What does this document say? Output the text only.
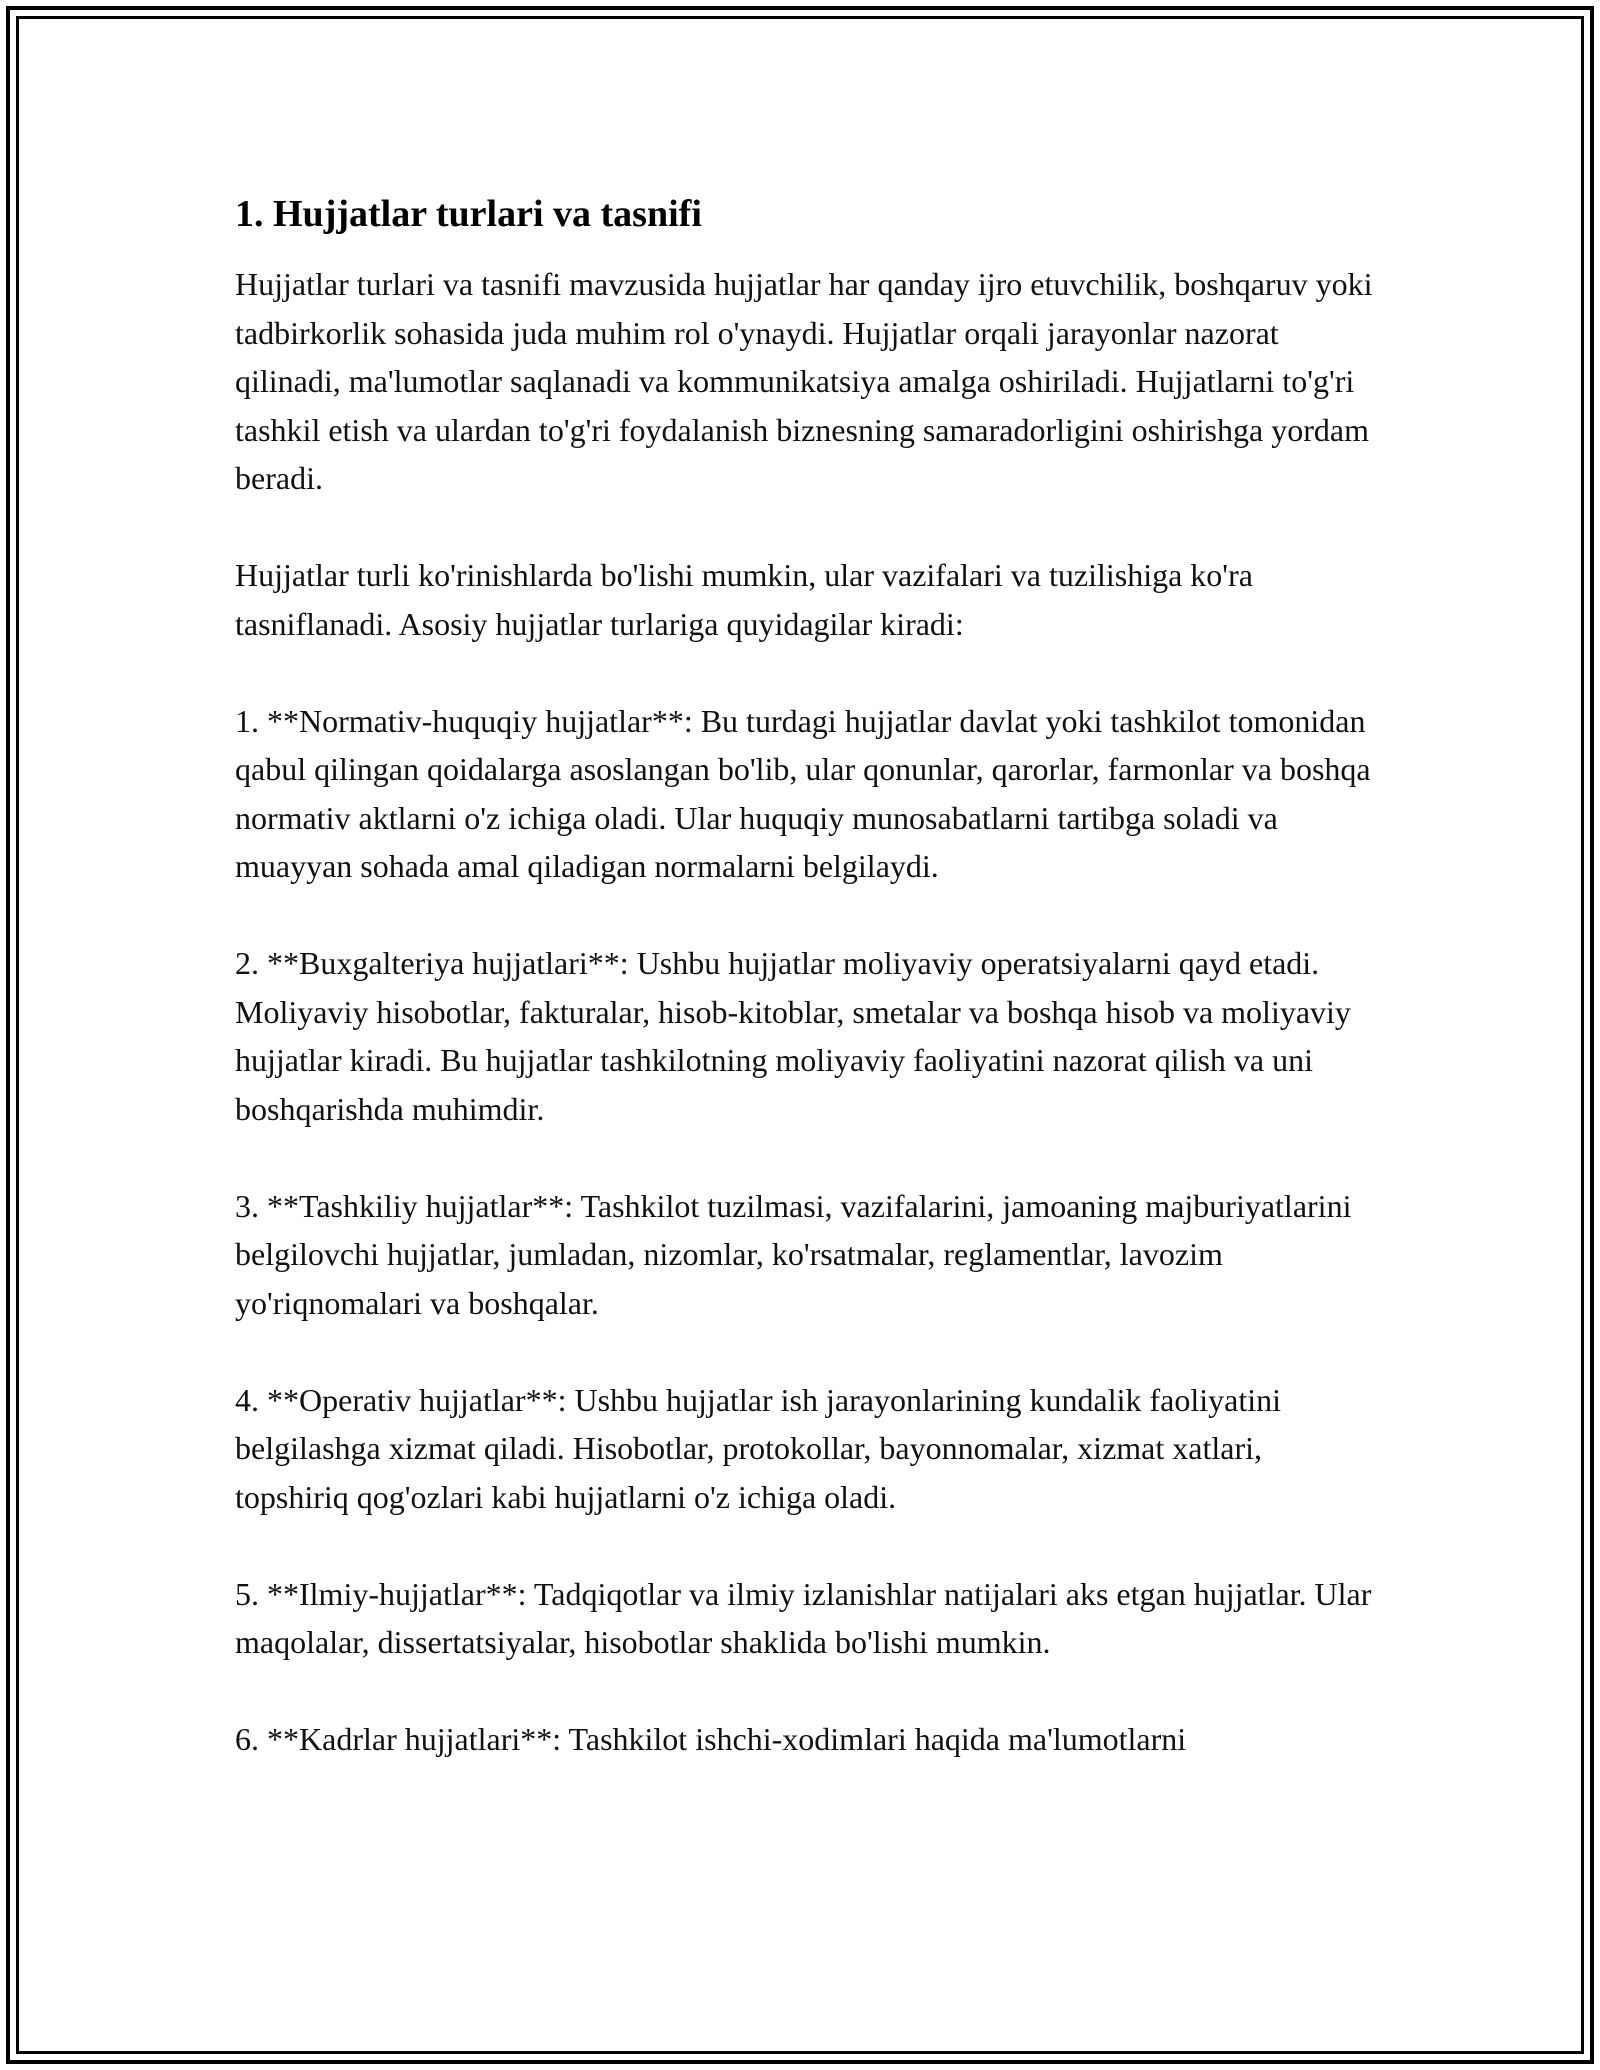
1. Hujjatlar turlari va tasnifi

Hujjatlar turlari va tasnifi mavzusida hujjatlar har qanday ijro etuvchilik, boshqaruv yoki tadbirkorlik sohasida juda muhim rol o'ynaydi. Hujjatlar orqali jarayonlar nazorat qilinadi, ma'lumotlar saqlanadi va kommunikatsiya amalga oshiriladi. Hujjatlarni to'g'ri tashkil etish va ulardan to'g'ri foydalanish biznesning samaradorligini oshirishga yordam beradi.

Hujjatlar turli ko'rinishlarda bo'lishi mumkin, ular vazifalari va tuzilishiga ko'ra tasniflanadi. Asosiy hujjatlar turlariga quyidagilar kiradi:

1. **Normativ-huquqiy hujjatlar**: Bu turdagi hujjatlar davlat yoki tashkilot tomonidan qabul qilingan qoidalarga asoslangan bo'lib, ular qonunlar, qarorlar, farmonlar va boshqa normativ aktlarni o'z ichiga oladi. Ular huquqiy munosabatlarni tartibga soladi va muayyan sohada amal qiladigan normalarni belgilaydi.

2. **Buxgalteriya hujjatlari**: Ushbu hujjatlar moliyaviy operatsiyalarni qayd etadi. Moliyaviy hisobotlar, fakturalar, hisob-kitoblar, smetalar va boshqa hisob va moliyaviy hujjatlar kiradi. Bu hujjatlar tashkilotning moliyaviy faoliyatini nazorat qilish va uni boshqarishda muhimdir.

3. **Tashkiliy hujjatlar**: Tashkilot tuzilmasi, vazifalarini, jamoaning majburiyatlarini belgilovchi hujjatlar, jumladan, nizomlar, ko'rsatmalar, reglamentlar, lavozim yo'riqnomalari va boshqalar.

4. **Operativ hujjatlar**: Ushbu hujjatlar ish jarayonlarining kundalik faoliyatini belgilashga xizmat qiladi. Hisobotlar, protokollar, bayonnomalar, xizmat xatlari, topshiriq qog'ozlari kabi hujjatlarni o'z ichiga oladi.

5. **Ilmiy-hujjatlar**: Tadqiqotlar va ilmiy izlanishlar natijalari aks etgan hujjatlar. Ular maqolalar, dissertatsiyalar, hisobotlar shaklida bo'lishi mumkin.

6. **Kadrlar hujjatlari**: Tashkilot ishchi-xodimlari haqida ma'lumotlarni
